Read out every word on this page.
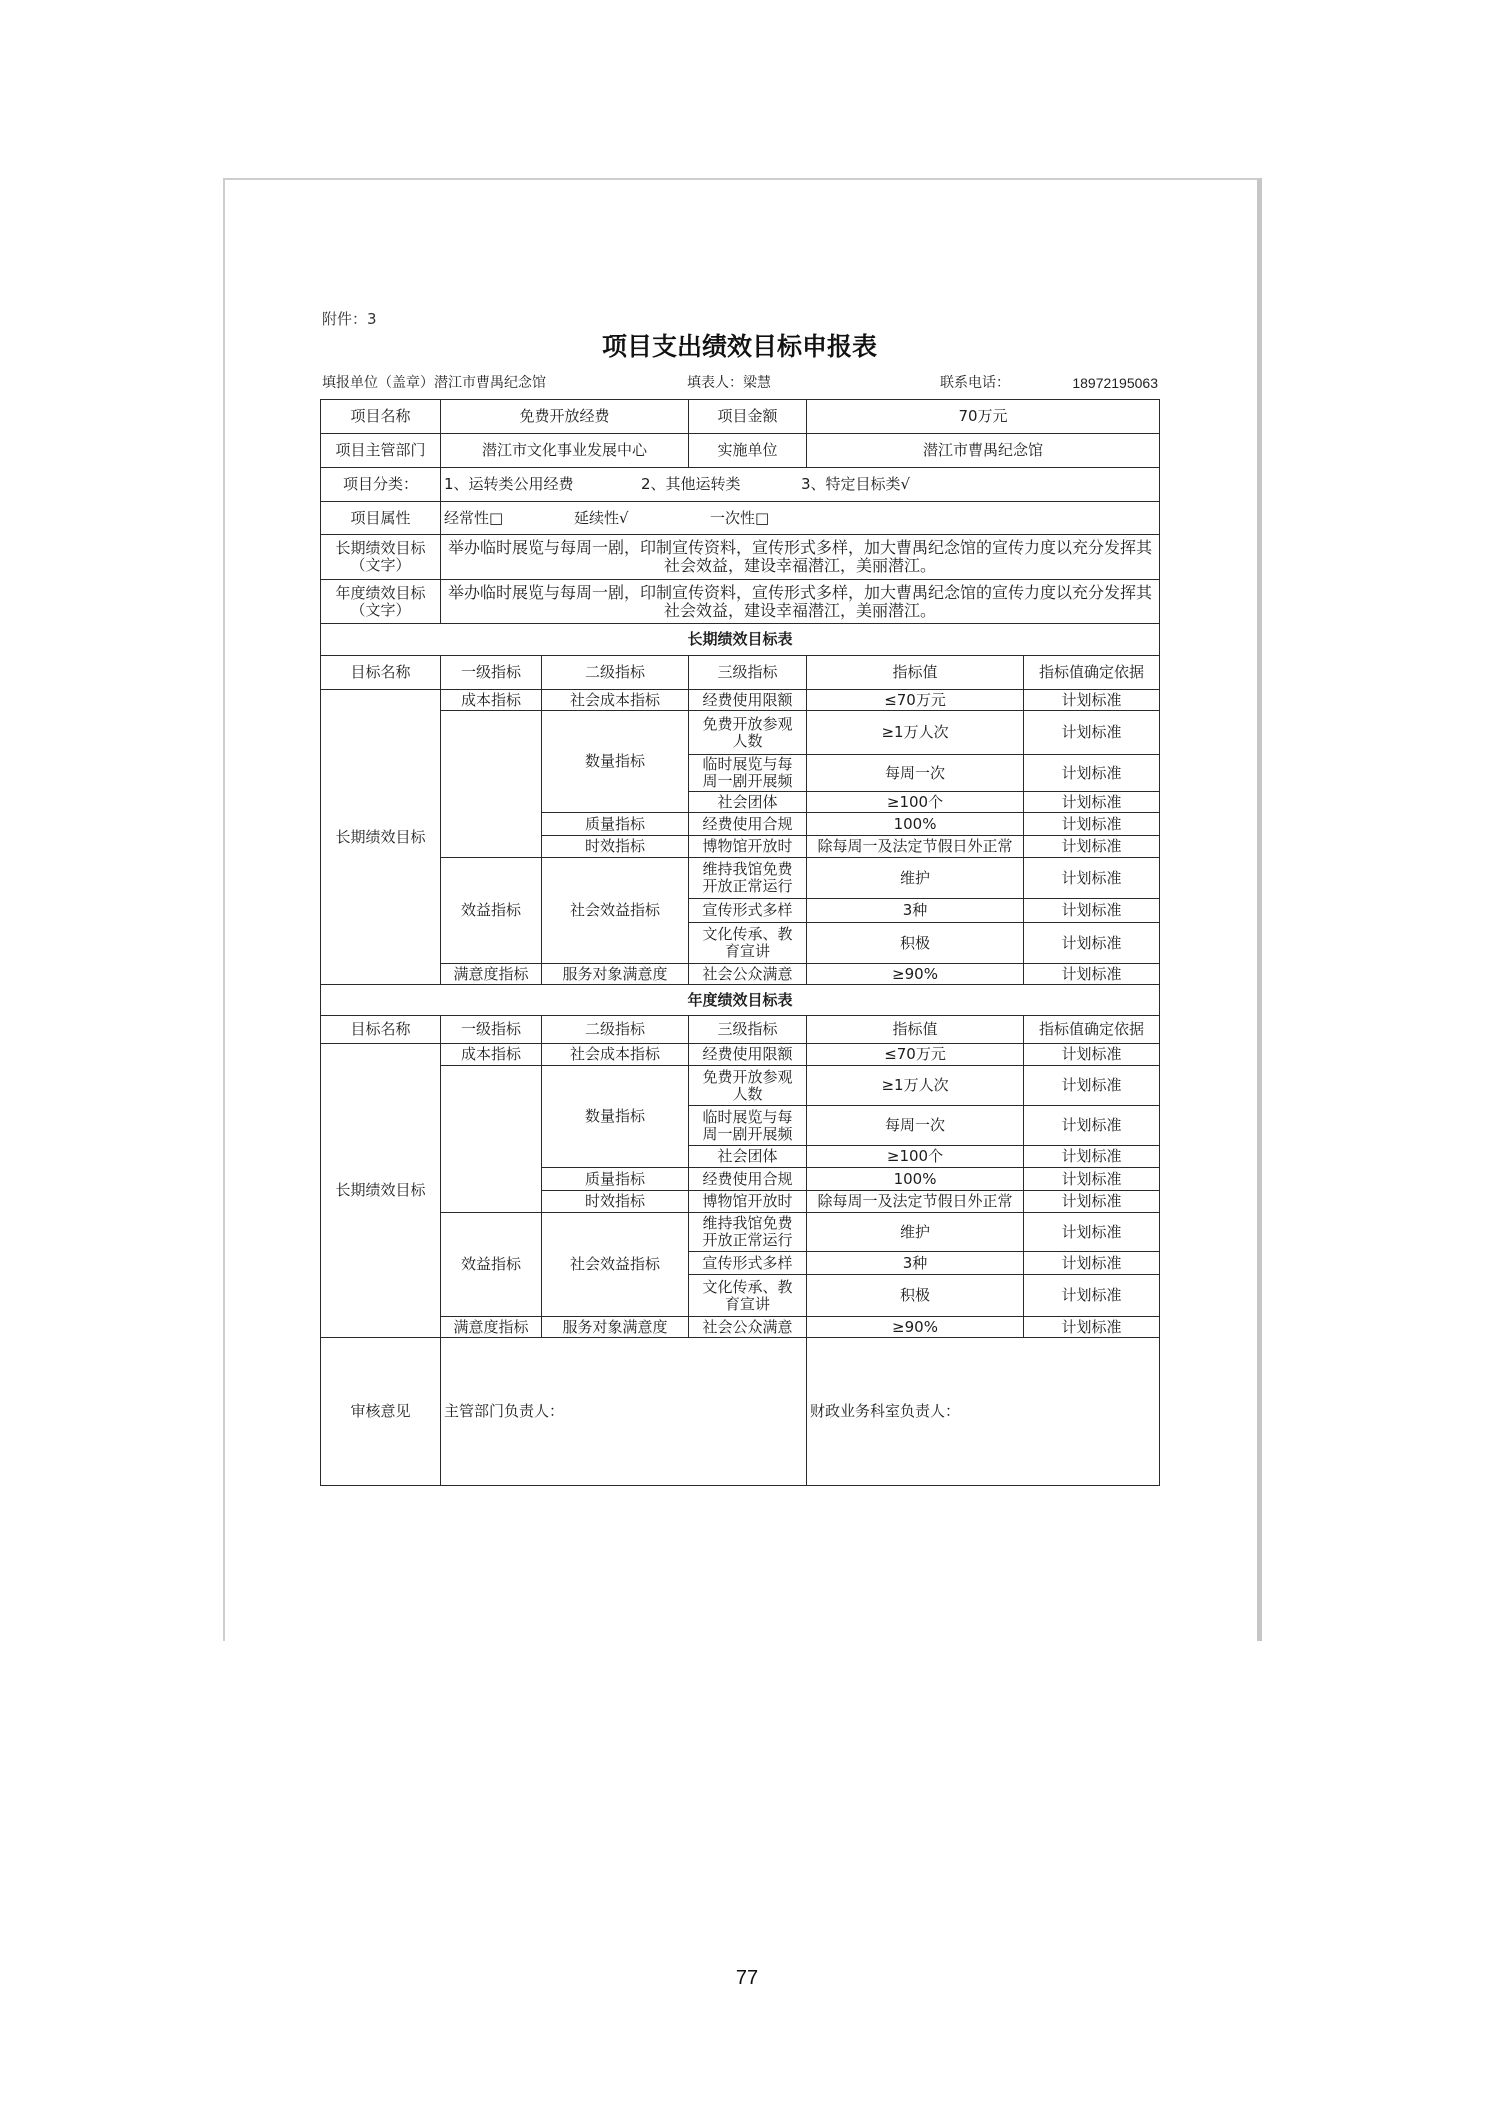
附件：3
项目支出绩效目标申报表
填报单位（盖章）潜江市曹禺纪念馆	填表人：梁慧	联系电话：	18972195063
项目名称	免费开放经费		项目金额	70万元	
项目主管部门	潜江市文化事业发展中心		实施单位	潜江市曹禺纪念馆	
项目分类：	1、运转类公用经费 2、其他运转类 3、特定目标类√				
项目属性	经常性□ 延续性√ 一次性□				
长期绩效目标（文字）	举办临时展览与每周一剧，印制宣传资料，宣传形式多样，加大曹禺纪念馆的宣传力度以充分发挥其社会效益，建设幸福潜江，美丽潜江。				
年度绩效目标（文字）	举办临时展览与每周一剧，印制宣传资料，宣传形式多样，加大曹禺纪念馆的宣传力度以充分发挥其社会效益，建设幸福潜江，美丽潜江。				
长期绩效目标表					
目标名称	一级指标	二级指标	三级指标	指标值	指标值确定依据
长期绩效目标	成本指标	社会成本指标	经费使用限额	≤70万元	计划标准
		数量指标	免费开放参观人数	≥1万人次	计划标准
			临时展览与每周一剧开展频	每周一次	计划标准
			社会团体	≥100个	计划标准
		质量指标	经费使用合规	100%	计划标准
		时效指标	博物馆开放时	除每周一及法定节假日外正常	计划标准
	效益指标	社会效益指标	维持我馆免费开放正常运行	维护	计划标准
			宣传形式多样	3种	计划标准
			文化传承、教育宣讲	积极	计划标准
	满意度指标	服务对象满意度	社会公众满意	≥90%	计划标准
年度绩效目标表					
目标名称	一级指标	二级指标	三级指标	指标值	指标值确定依据
长期绩效目标	成本指标	社会成本指标	经费使用限额	≤70万元	计划标准
		数量指标	免费开放参观人数	≥1万人次	计划标准
			临时展览与每周一剧开展频	每周一次	计划标准
			社会团体	≥100个	计划标准
		质量指标	经费使用合规	100%	计划标准
		时效指标	博物馆开放时	除每周一及法定节假日外正常	计划标准
	效益指标	社会效益指标	维持我馆免费开放正常运行	维护	计划标准
			宣传形式多样	3种	计划标准
			文化传承、教育宣讲	积极	计划标准
	满意度指标	服务对象满意度	社会公众满意	≥90%	计划标准
审核意见	主管部门负责人：			财政业务科室负责人：	
77
